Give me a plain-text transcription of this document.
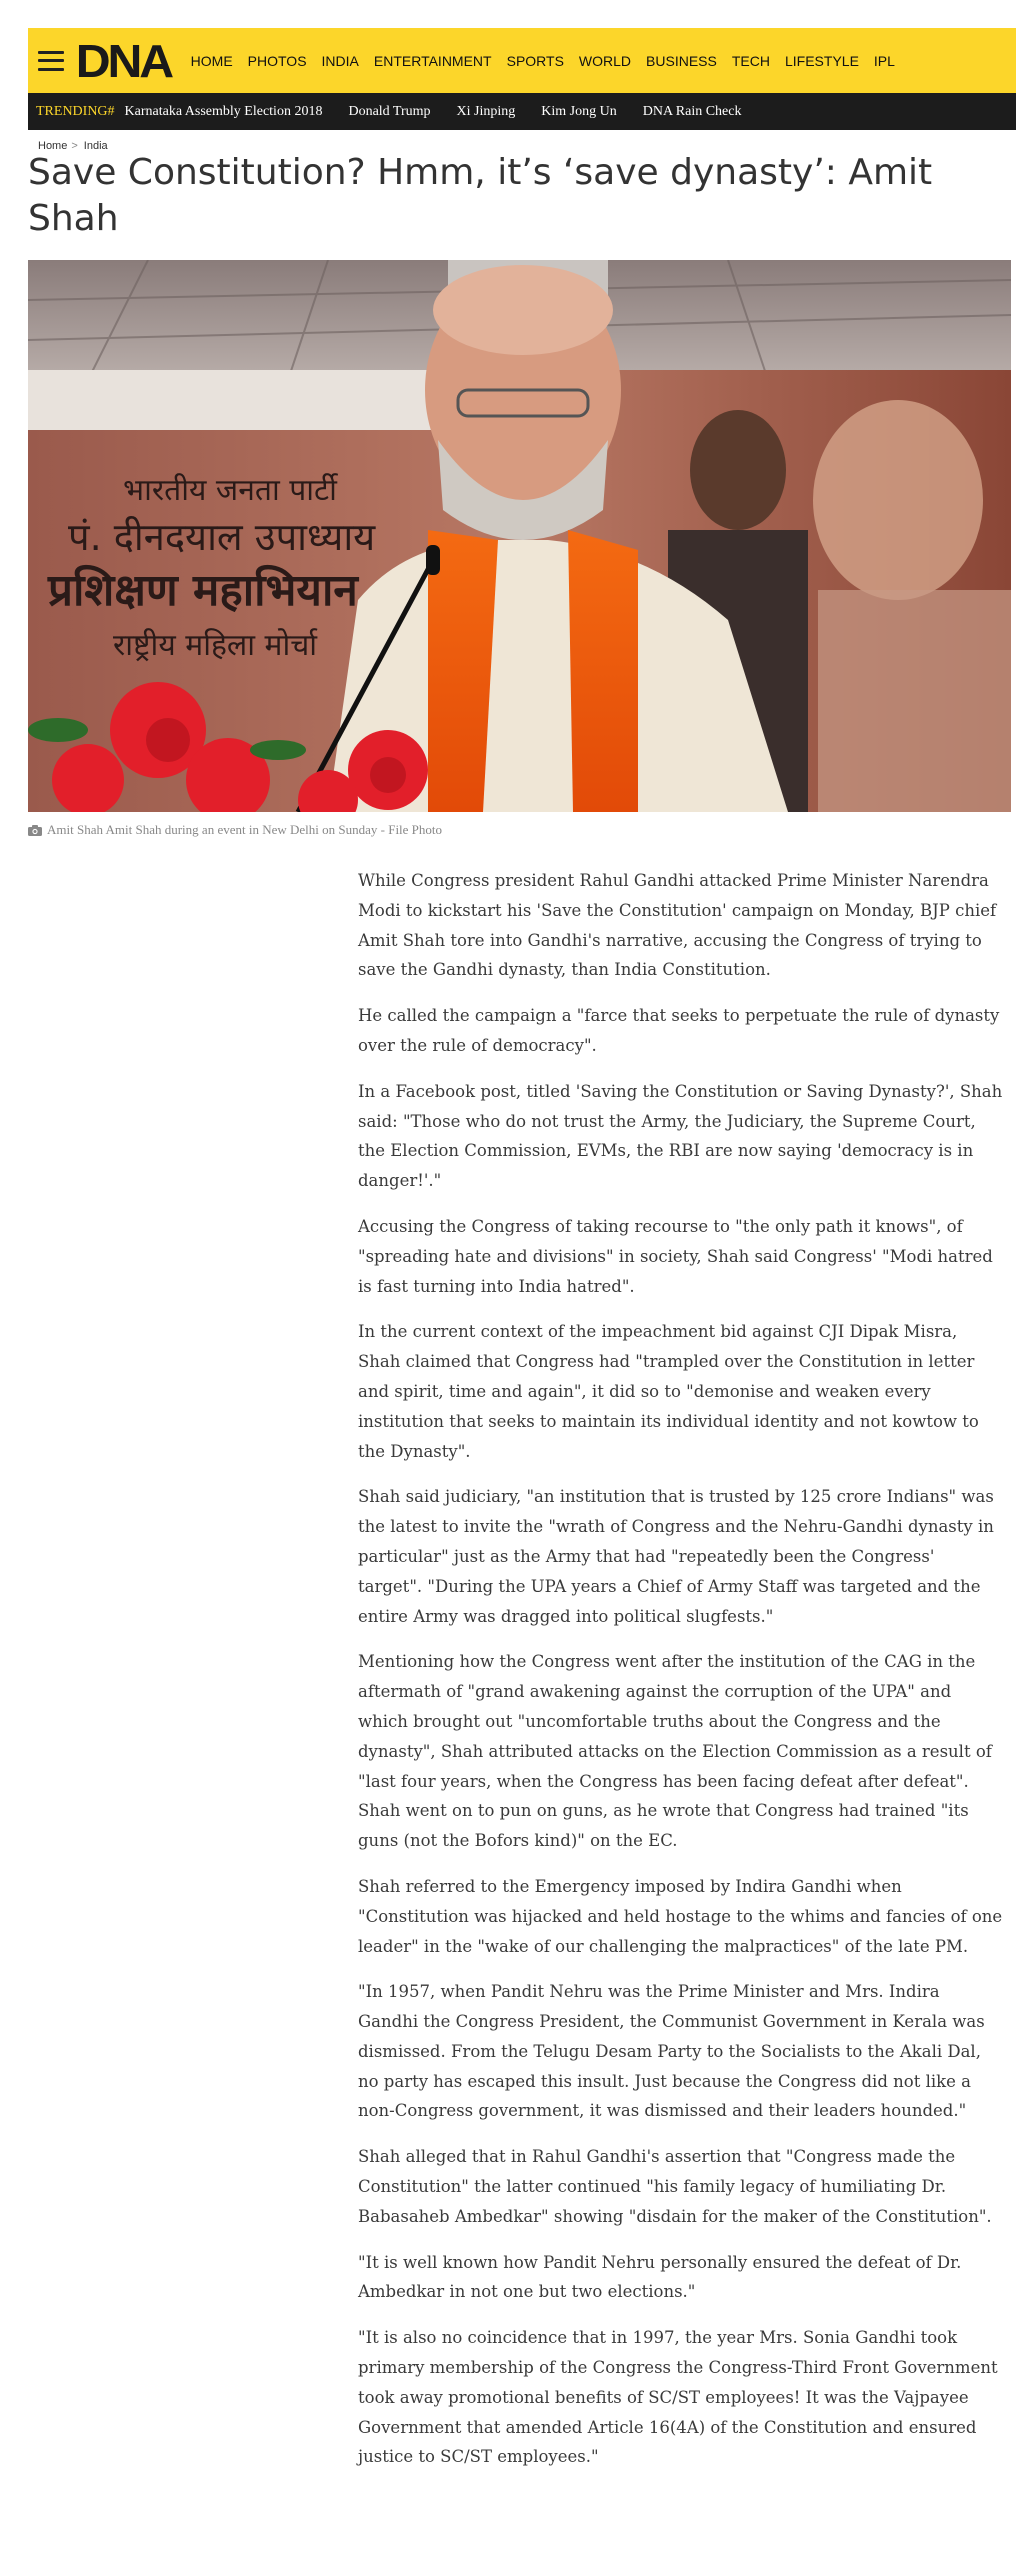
DNA HOME PHOTOS INDIA ENTERTAINMENT SPORTS WORLD BUSINESS TECH LIFESTYLE IPL
TRENDING# Karnataka Assembly Election 2018 Donald Trump Xi Jinping Kim Jong Un DNA Rain Check
Home > India
Save Constitution? Hmm, it’s ‘save dynasty’: Amit Shah
भारतीय जनता पार्टी
पं. दीनदयाल उपाध्याय
प्रशिक्षण महाभियान
राष्ट्रीय महिला मोर्चा
Amit Shah Amit Shah during an event in New Delhi on Sunday - File Photo

While Congress president Rahul Gandhi attacked Prime Minister Narendra Modi to kickstart his 'Save the Constitution' campaign on Monday, BJP chief Amit Shah tore into Gandhi's narrative, accusing the Congress of trying to save the Gandhi dynasty, than India Constitution.

He called the campaign a "farce that seeks to perpetuate the rule of dynasty over the rule of democracy".

In a Facebook post, titled 'Saving the Constitution or Saving Dynasty?', Shah said: "Those who do not trust the Army, the Judiciary, the Supreme Court, the Election Commission, EVMs, the RBI are now saying 'democracy is in danger!'."

Accusing the Congress of taking recourse to "the only path it knows", of "spreading hate and divisions" in society, Shah said Congress' "Modi hatred is fast turning into India hatred".

In the current context of the impeachment bid against CJI Dipak Misra, Shah claimed that Congress had "trampled over the Constitution in letter and spirit, time and again", it did so to "demonise and weaken every institution that seeks to maintain its individual identity and not kowtow to the Dynasty".

Shah said judiciary, "an institution that is trusted by 125 crore Indians" was the latest to invite the "wrath of Congress and the Nehru-Gandhi dynasty in particular" just as the Army that had "repeatedly been the Congress' target". "During the UPA years a Chief of Army Staff was targeted and the entire Army was dragged into political slugfests."

Mentioning how the Congress went after the institution of the CAG in the aftermath of "grand awakening against the corruption of the UPA" and which brought out "uncomfortable truths about the Congress and the dynasty", Shah attributed attacks on the Election Commission as a result of "last four years, when the Congress has been facing defeat after defeat". Shah went on to pun on guns, as he wrote that Congress had trained "its guns (not the Bofors kind)" on the EC.

Shah referred to the Emergency imposed by Indira Gandhi when "Constitution was hijacked and held hostage to the whims and fancies of one leader" in the "wake of our challenging the malpractices" of the late PM.

"In 1957, when Pandit Nehru was the Prime Minister and Mrs. Indira Gandhi the Congress President, the Communist Government in Kerala was dismissed. From the Telugu Desam Party to the Socialists to the Akali Dal, no party has escaped this insult. Just because the Congress did not like a non-Congress government, it was dismissed and their leaders hounded."

Shah alleged that in Rahul Gandhi's assertion that "Congress made the Constitution" the latter continued "his family legacy of humiliating Dr. Babasaheb Ambedkar" showing "disdain for the maker of the Constitution".

"It is well known how Pandit Nehru personally ensured the defeat of Dr. Ambedkar in not one but two elections."

"It is also no coincidence that in 1997, the year Mrs. Sonia Gandhi took primary membership of the Congress the Congress-Third Front Government took away promotional benefits of SC/ST employees! It was the Vajpayee Government that amended Article 16(4A) of the Constitution and ensured justice to SC/ST employees."
